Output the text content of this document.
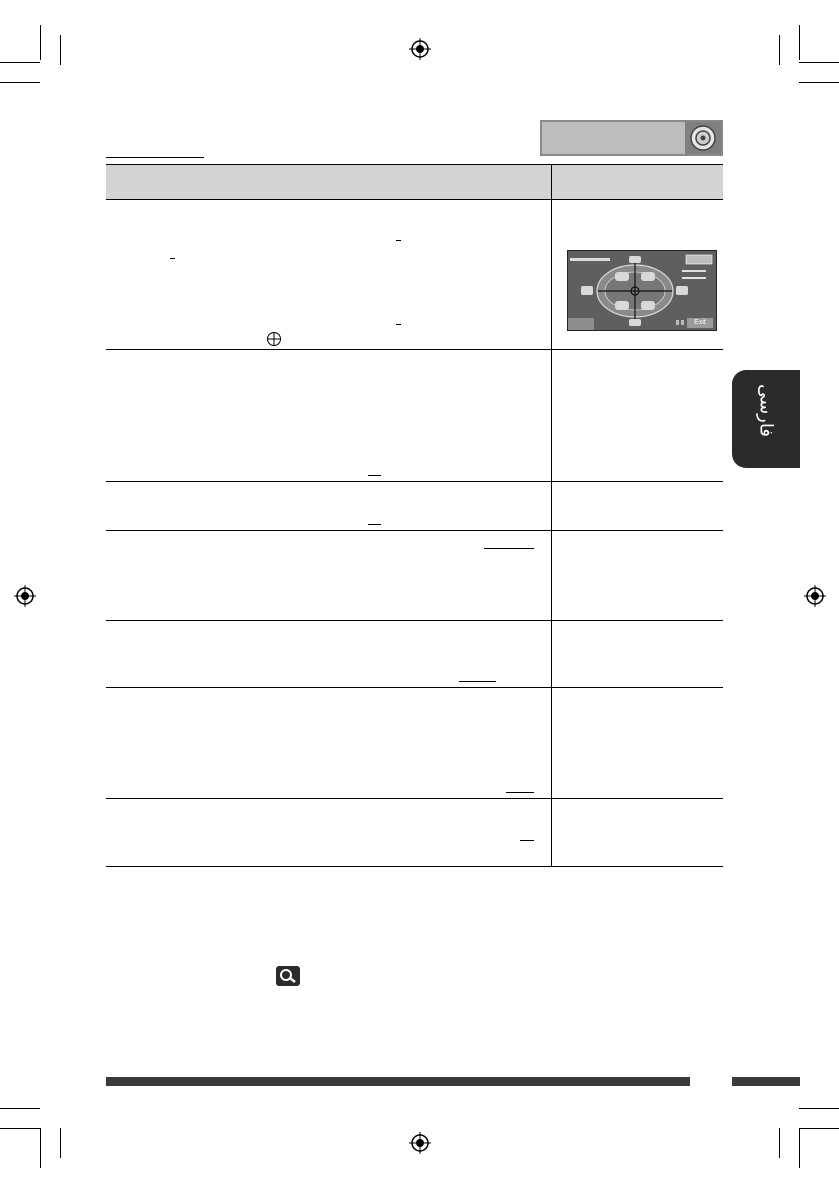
Exit
فارسی
